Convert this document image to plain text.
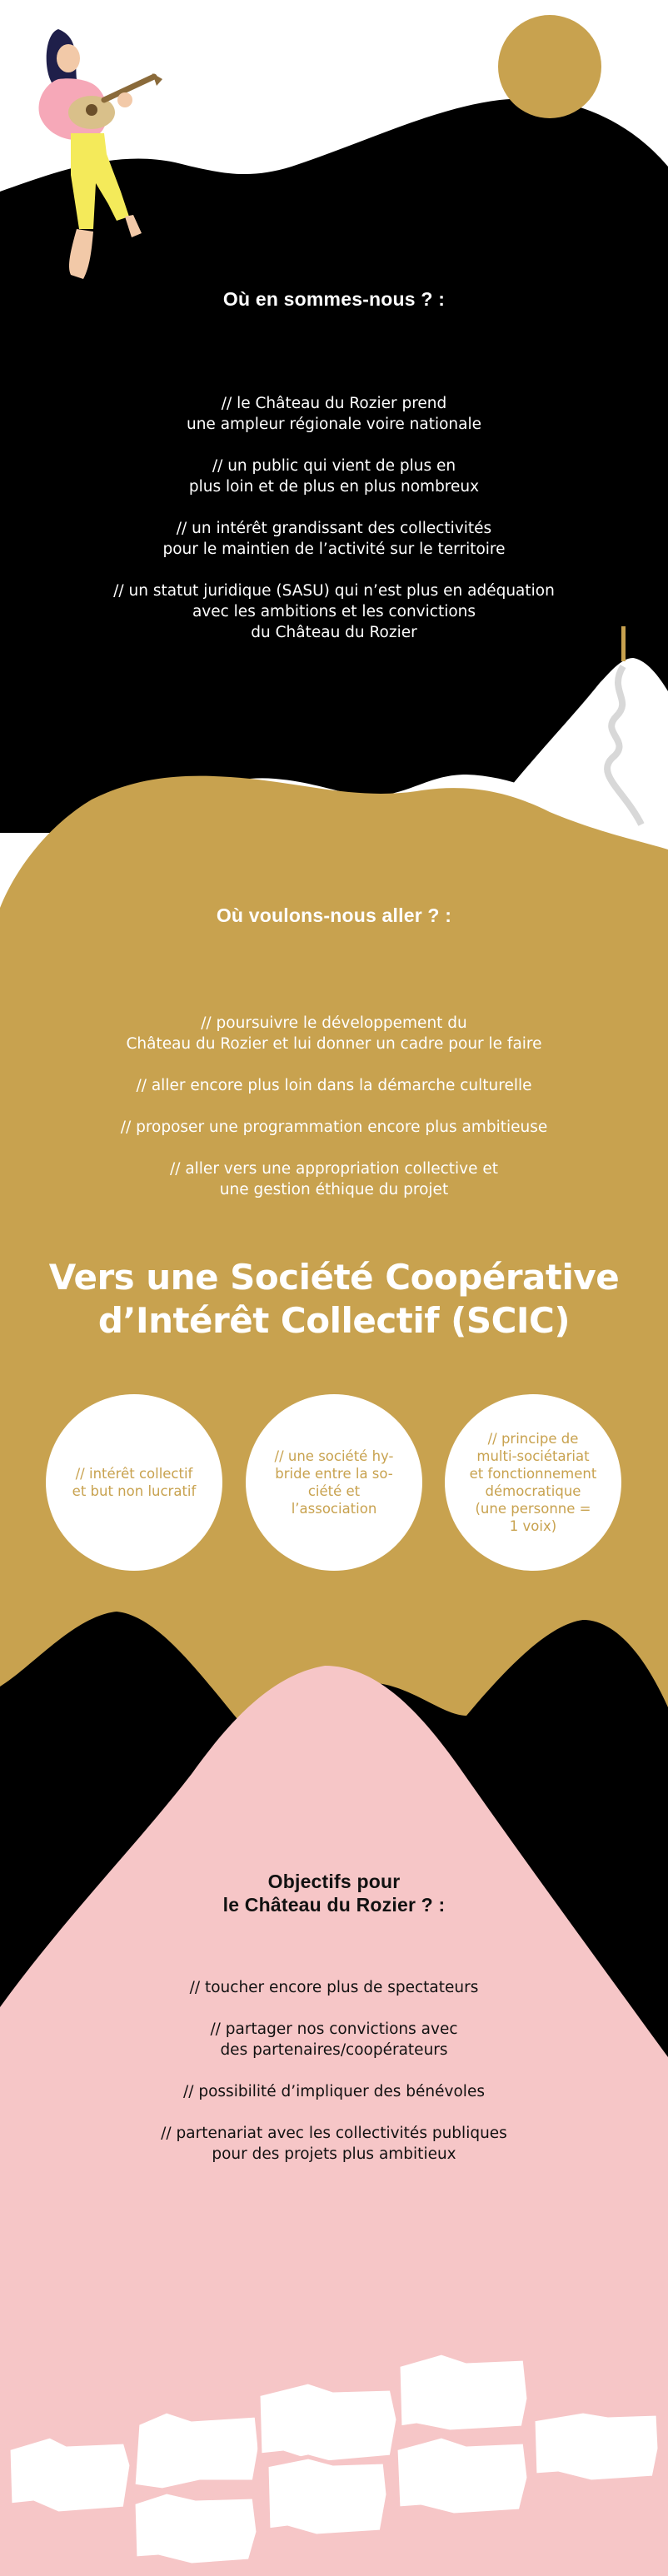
Où en sommes-nous ? :

// le Château du Rozier prend
une ampleur régionale voire nationale

// un public qui vient de plus en
plus loin et de plus en plus nombreux

// un intérêt grandissant des collectivités
pour le maintien de l’activité sur le territoire

// un statut juridique (SASU) qui n’est plus en adéquation
avec les ambitions et les convictions
du Château du Rozier

Où voulons-nous aller ? :

// poursuivre le développement du
Château du Rozier et lui donner un cadre pour le faire

// aller encore plus loin dans la démarche culturelle

// proposer une programmation encore plus ambitieuse

// aller vers une appropriation collective et
une gestion éthique du projet

Vers une Société Coopérative
d’Intérêt Collectif (SCIC)
// intérêt collectif
et but non lucratif
// une société hy-
bride entre la so-
ciété et
l’association
// principe de
multi-sociétariat
et fonctionnement
démocratique
(une personne =
1 voix)
Objectifs pour
le Château du Rozier ? :

// toucher encore plus de spectateurs

// partager nos convictions avec
des partenaires/coopérateurs

// possibilité d’impliquer des bénévoles

// partenariat avec les collectivités publiques
pour des projets plus ambitieux
